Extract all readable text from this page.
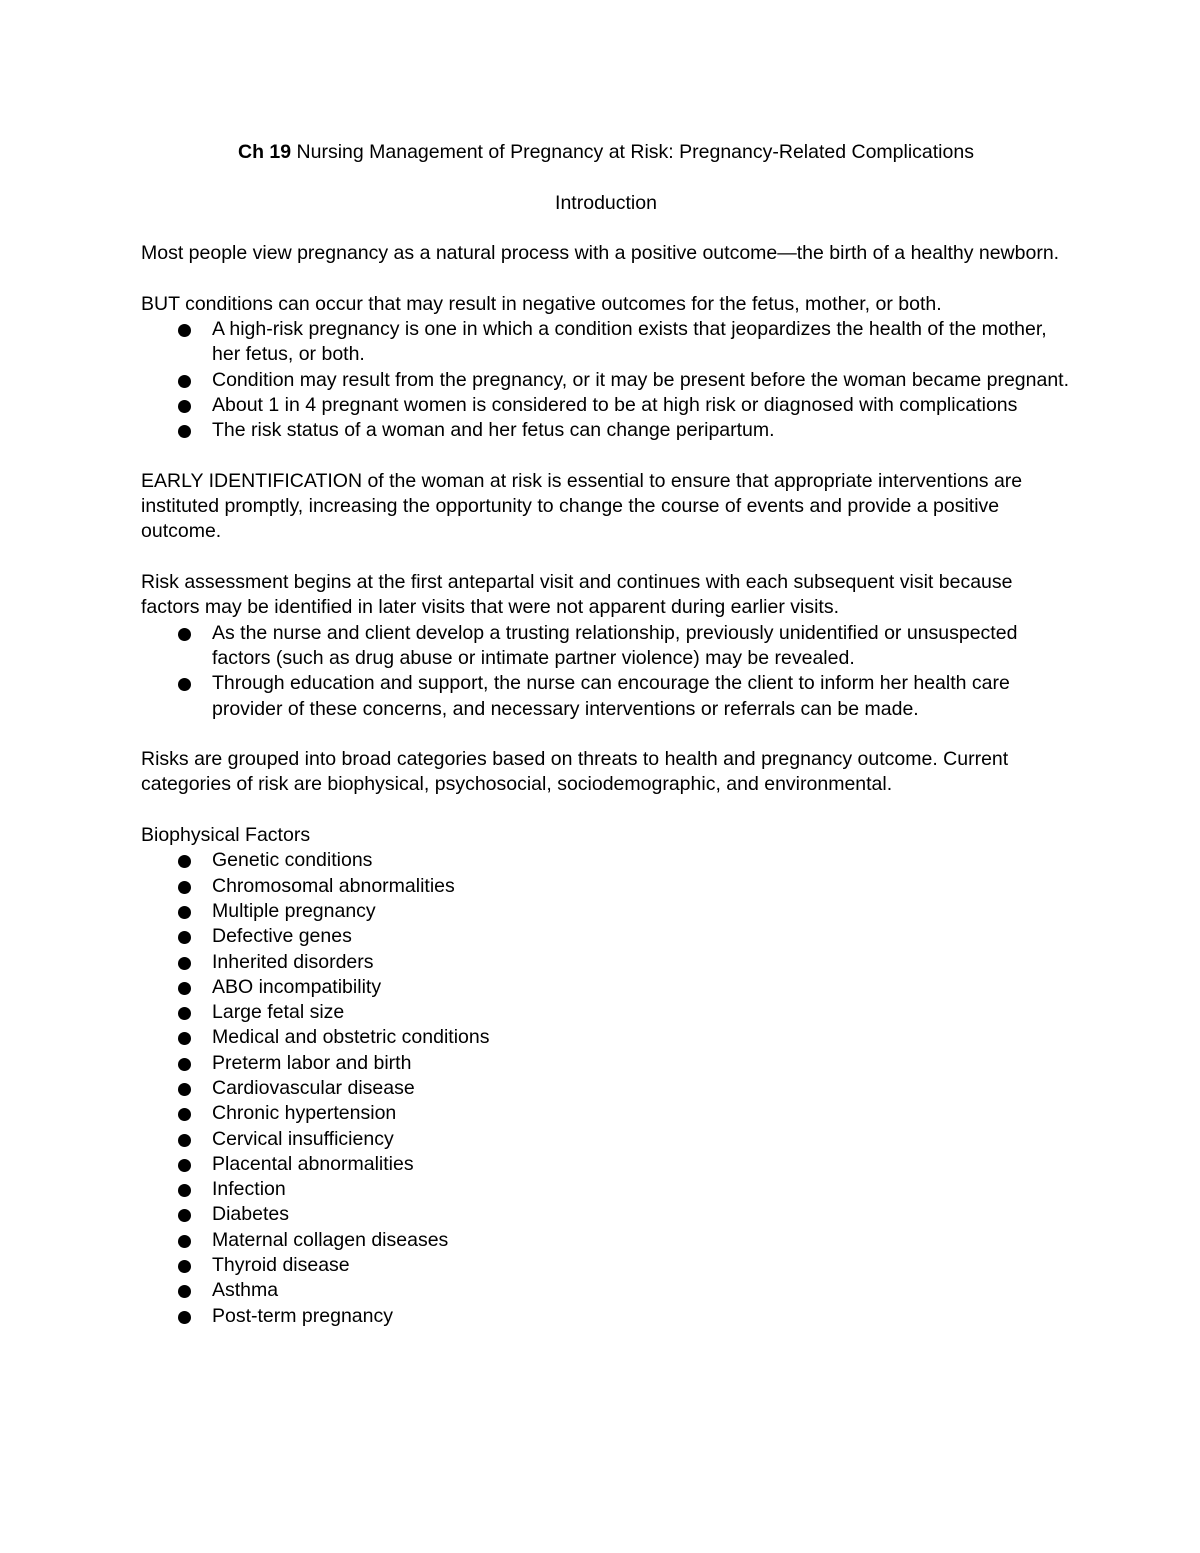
Ch 19 Nursing Management of Pregnancy at Risk: Pregnancy-Related Complications
Introduction

Most people view pregnancy as a natural process with a positive outcome—the birth of a healthy newborn.

BUT conditions can occur that may result in negative outcomes for the fetus, mother, or both.

A high-risk pregnancy is one in which a condition exists that jeopardizes the health of the mother, her fetus, or both.
Condition may result from the pregnancy, or it may be present before the woman became pregnant.
About 1 in 4 pregnant women is considered to be at high risk or diagnosed with complications
The risk status of a woman and her fetus can change peripartum.

EARLY IDENTIFICATION of the woman at risk is essential to ensure that appropriate interventions are instituted promptly, increasing the opportunity to change the course of events and provide a positive outcome.

Risk assessment begins at the first antepartal visit and continues with each subsequent visit because factors may be identified in later visits that were not apparent during earlier visits.

As the nurse and client develop a trusting relationship, previously unidentified or unsuspected factors (such as drug abuse or intimate partner violence) may be revealed.
Through education and support, the nurse can encourage the client to inform her health care provider of these concerns, and necessary interventions or referrals can be made.

Risks are grouped into broad categories based on threats to health and pregnancy outcome. Current categories of risk are biophysical, psychosocial, sociodemographic, and environmental.

Biophysical Factors

Genetic conditions
Chromosomal abnormalities
Multiple pregnancy
Defective genes
Inherited disorders
ABO incompatibility
Large fetal size
Medical and obstetric conditions
Preterm labor and birth
Cardiovascular disease
Chronic hypertension
Cervical insufficiency
Placental abnormalities
Infection
Diabetes
Maternal collagen diseases
Thyroid disease
Asthma
Post-term pregnancy
